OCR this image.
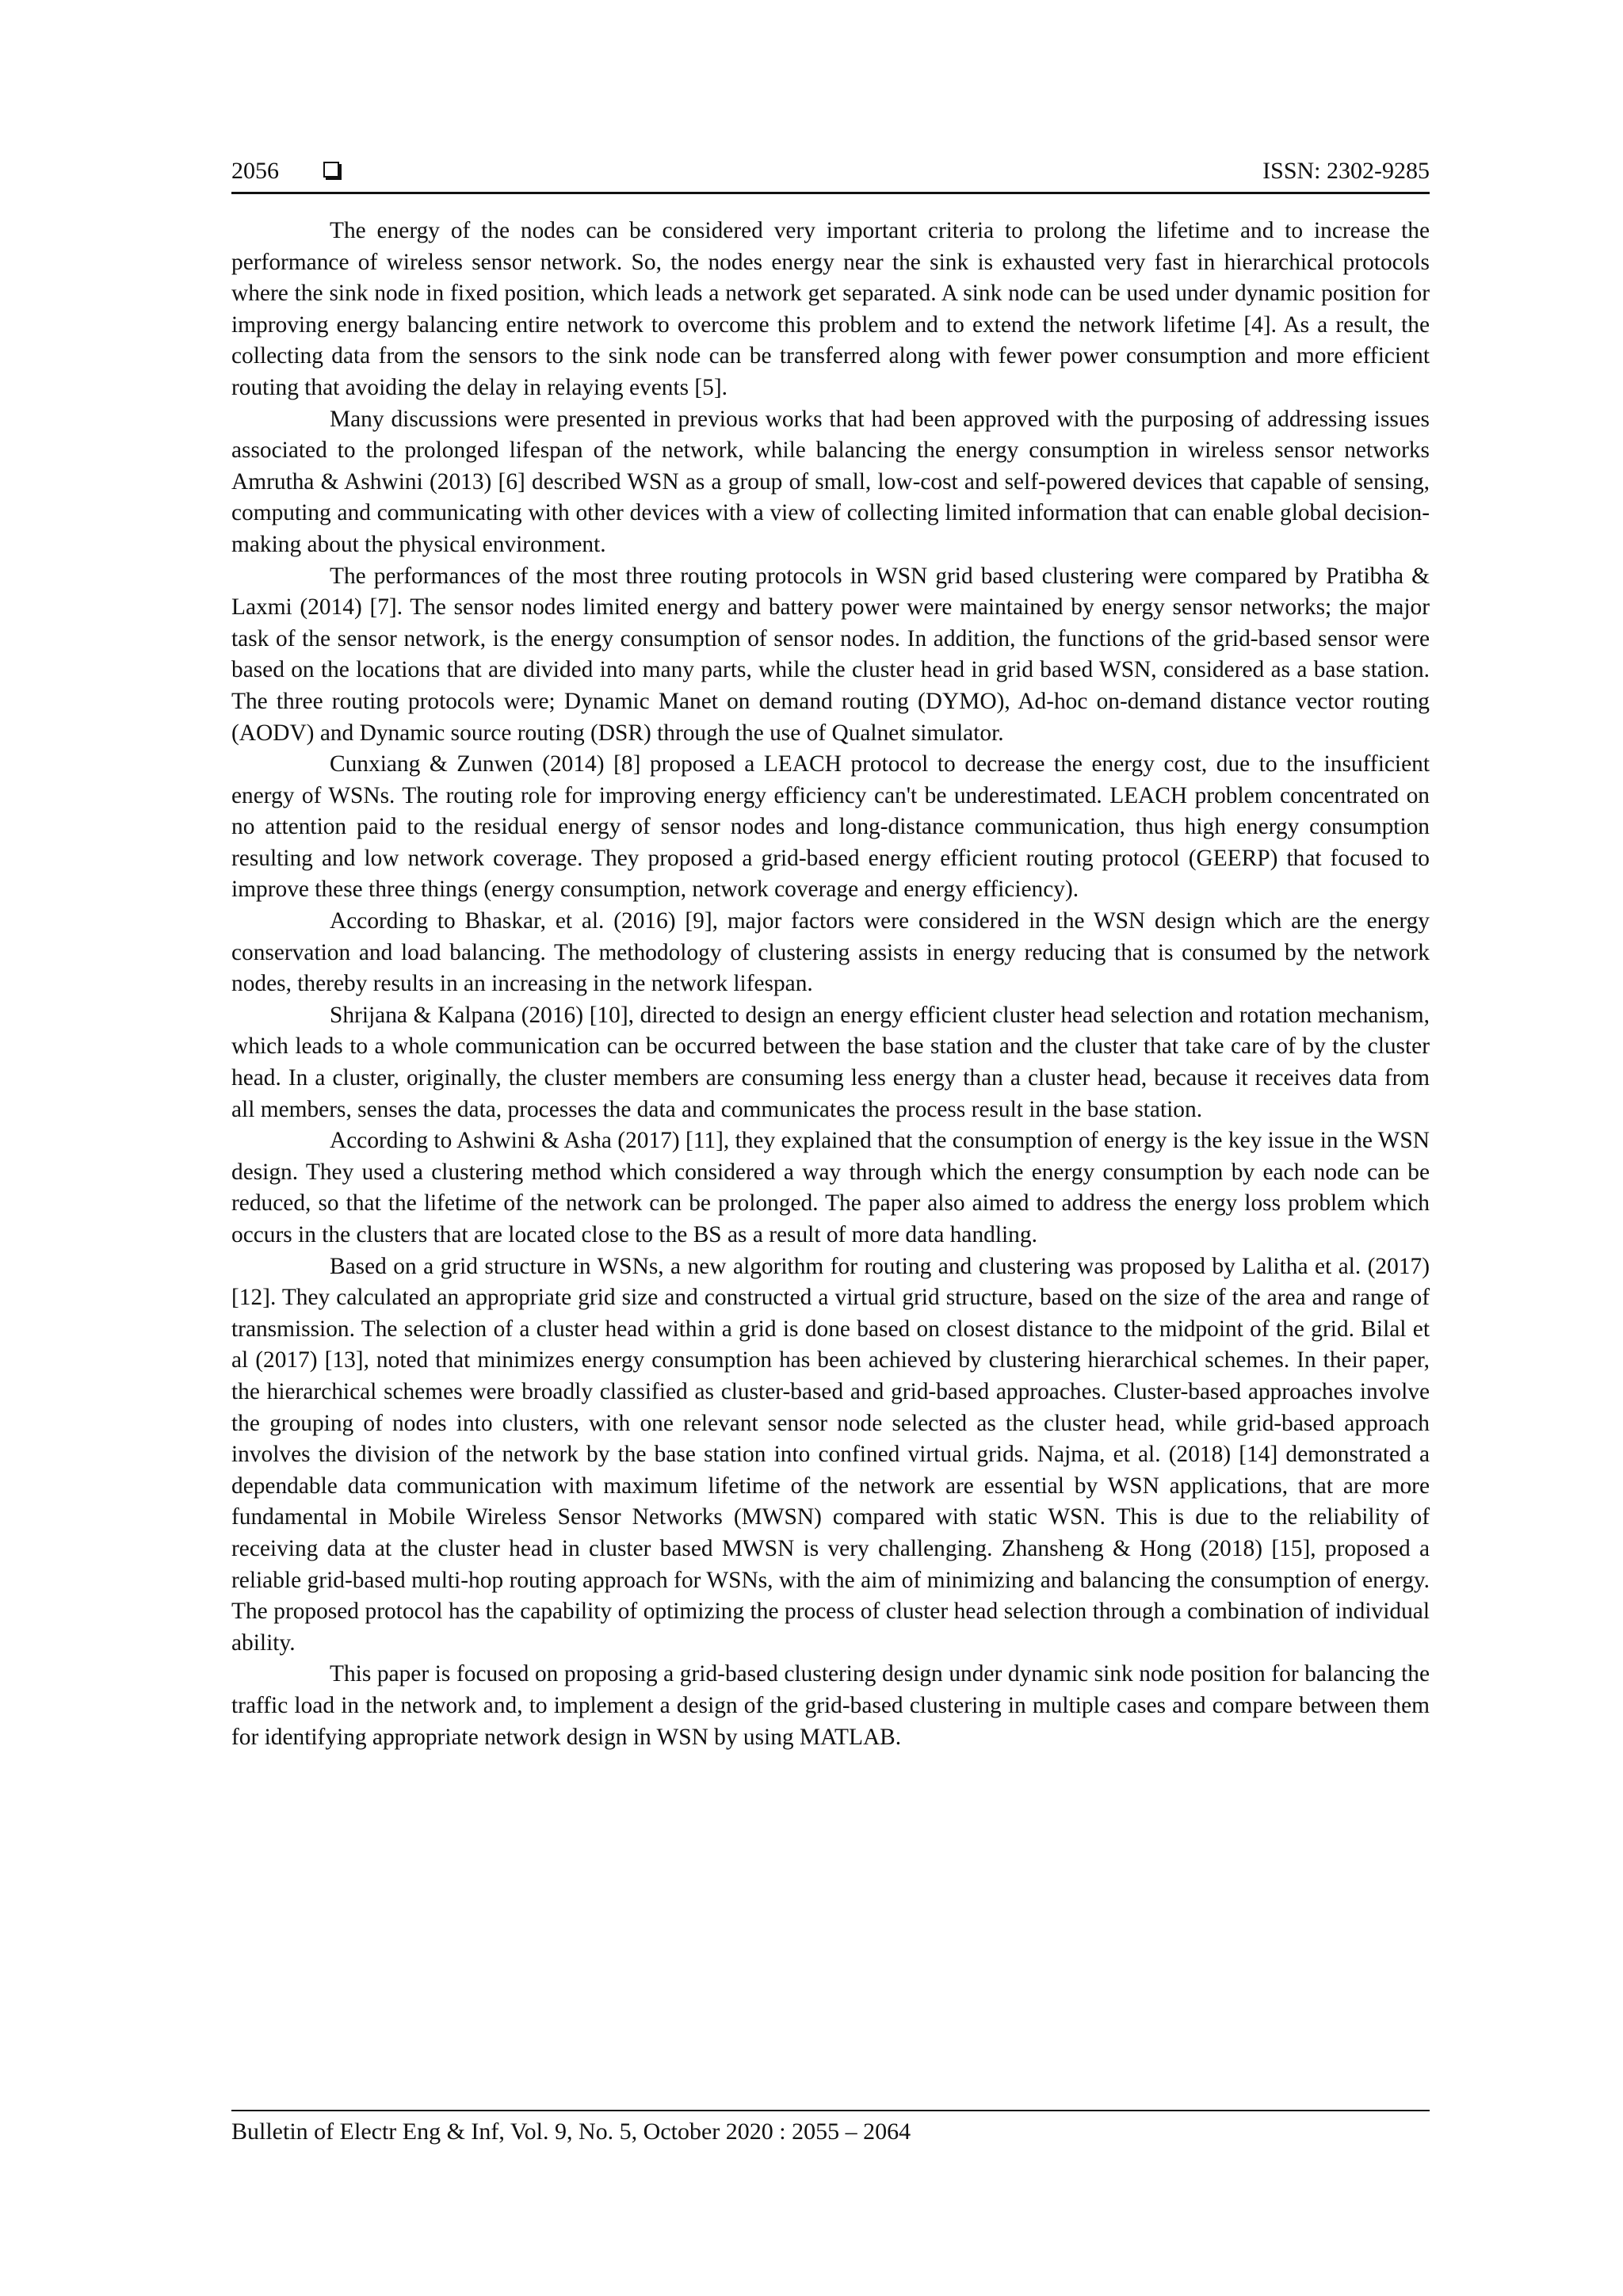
2056	ISSN: 2302-9285

The energy of the nodes can be considered very important criteria to prolong the lifetime and to increase the performance of wireless sensor network. So, the nodes energy near the sink is exhausted very fast in hierarchical protocols where the sink node in fixed position, which leads a network get separated. A sink node can be used under dynamic position for improving energy balancing entire network to overcome this problem and to extend the network lifetime [4]. As a result, the collecting data from the sensors to the sink node can be transferred along with fewer power consumption and more efficient routing that avoiding the delay in relaying events [5].

Many discussions were presented in previous works that had been approved with the purposing of addressing issues associated to the prolonged lifespan of the network, while balancing the energy consumption in wireless sensor networks Amrutha & Ashwini (2013) [6] described WSN as a group of small, low-cost and self-powered devices that capable of sensing, computing and communicating with other devices with a view of collecting limited information that can enable global decision-making about the physical environment.

The performances of the most three routing protocols in WSN grid based clustering were compared by Pratibha & Laxmi (2014) [7]. The sensor nodes limited energy and battery power were maintained by energy sensor networks; the major task of the sensor network, is the energy consumption of sensor nodes. In addition, the functions of the grid-based sensor were based on the locations that are divided into many parts, while the cluster head in grid based WSN, considered as a base station. The three routing protocols were; Dynamic Manet on demand routing (DYMO), Ad-hoc on-demand distance vector routing (AODV) and Dynamic source routing (DSR) through the use of Qualnet simulator.

Cunxiang & Zunwen (2014) [8] proposed a LEACH protocol to decrease the energy cost, due to the insufficient energy of WSNs. The routing role for improving energy efficiency can't be underestimated. LEACH problem concentrated on no attention paid to the residual energy of sensor nodes and long-distance communication, thus high energy consumption resulting and low network coverage. They proposed a grid-based energy efficient routing protocol (GEERP) that focused to improve these three things (energy consumption, network coverage and energy efficiency).

According to Bhaskar, et al. (2016) [9], major factors were considered in the WSN design which are the energy conservation and load balancing. The methodology of clustering assists in energy reducing that is consumed by the network nodes, thereby results in an increasing in the network lifespan.

Shrijana & Kalpana (2016) [10], directed to design an energy efficient cluster head selection and rotation mechanism, which leads to a whole communication can be occurred between the base station and the cluster that take care of by the cluster head. In a cluster, originally, the cluster members are consuming less energy than a cluster head, because it receives data from all members, senses the data, processes the data and communicates the process result in the base station.

According to Ashwini & Asha (2017) [11], they explained that the consumption of energy is the key issue in the WSN design. They used a clustering method which considered a way through which the energy consumption by each node can be reduced, so that the lifetime of the network can be prolonged. The paper also aimed to address the energy loss problem which occurs in the clusters that are located close to the BS as a result of more data handling.

Based on a grid structure in WSNs, a new algorithm for routing and clustering was proposed by Lalitha et al. (2017) [12]. They calculated an appropriate grid size and constructed a virtual grid structure, based on the size of the area and range of transmission. The selection of a cluster head within a grid is done based on closest distance to the midpoint of the grid. Bilal et al (2017) [13], noted that minimizes energy consumption has been achieved by clustering hierarchical schemes. In their paper, the hierarchical schemes were broadly classified as cluster-based and grid-based approaches. Cluster-based approaches involve the grouping of nodes into clusters, with one relevant sensor node selected as the cluster head, while grid-based approach involves the division of the network by the base station into confined virtual grids. Najma, et al. (2018) [14] demonstrated a dependable data communication with maximum lifetime of the network are essential by WSN applications, that are more fundamental in Mobile Wireless Sensor Networks (MWSN) compared with static WSN. This is due to the reliability of receiving data at the cluster head in cluster based MWSN is very challenging. Zhansheng & Hong (2018) [15], proposed a reliable grid-based multi-hop routing approach for WSNs, with the aim of minimizing and balancing the consumption of energy. The proposed protocol has the capability of optimizing the process of cluster head selection through a combination of individual ability.

This paper is focused on proposing a grid-based clustering design under dynamic sink node position for balancing the traffic load in the network and, to implement a design of the grid-based clustering in multiple cases and compare between them for identifying appropriate network design in WSN by using MATLAB.

Bulletin of Electr Eng & Inf, Vol. 9, No. 5, October 2020 : 2055 – 2064
